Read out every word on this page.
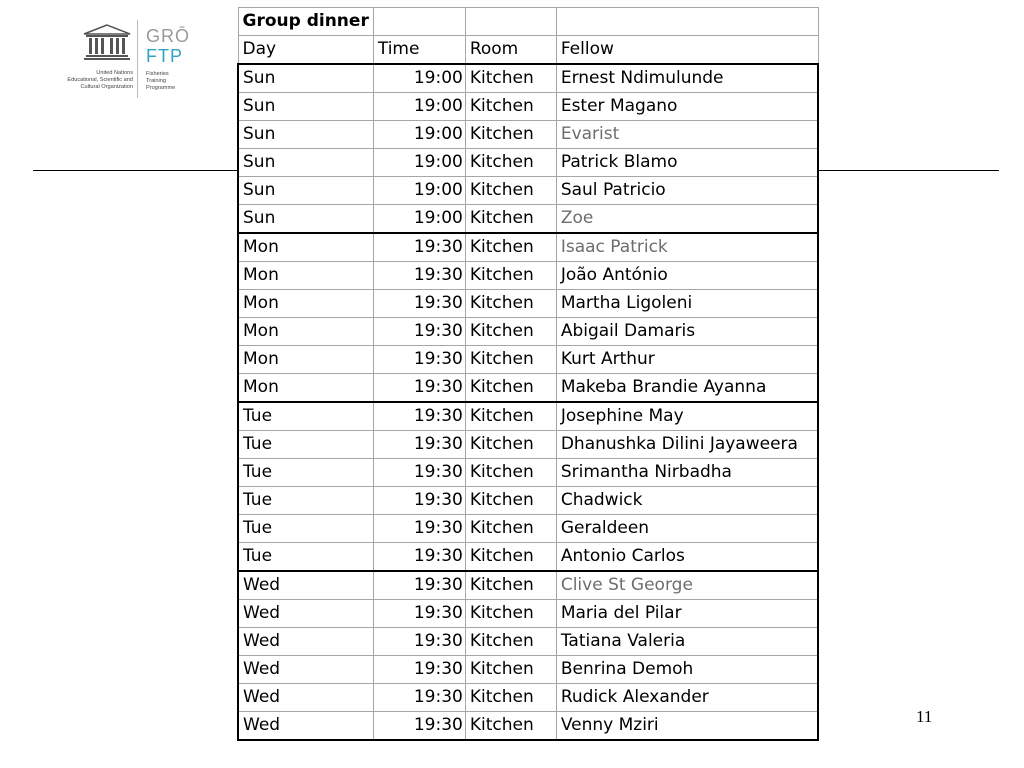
United Nations
Educational, Scientific and
Cultural Organization
GRŌ
FTP
Fisheries
Training
Programme
Group dinner			
Day	Time	Room	Fellow
Sun	19:00	Kitchen	Ernest Ndimulunde
Sun	19:00	Kitchen	Ester Magano
Sun	19:00	Kitchen	Evarist
Sun	19:00	Kitchen	Patrick Blamo
Sun	19:00	Kitchen	Saul Patricio
Sun	19:00	Kitchen	Zoe
Mon	19:30	Kitchen	Isaac Patrick
Mon	19:30	Kitchen	João António
Mon	19:30	Kitchen	Martha Ligoleni
Mon	19:30	Kitchen	Abigail Damaris
Mon	19:30	Kitchen	Kurt Arthur
Mon	19:30	Kitchen	Makeba Brandie Ayanna
Tue	19:30	Kitchen	Josephine May
Tue	19:30	Kitchen	Dhanushka Dilini Jayaweera
Tue	19:30	Kitchen	Srimantha Nirbadha
Tue	19:30	Kitchen	Chadwick
Tue	19:30	Kitchen	Geraldeen
Tue	19:30	Kitchen	Antonio Carlos
Wed	19:30	Kitchen	Clive St George
Wed	19:30	Kitchen	Maria del Pilar
Wed	19:30	Kitchen	Tatiana Valeria
Wed	19:30	Kitchen	Benrina Demoh
Wed	19:30	Kitchen	Rudick Alexander
Wed	19:30	Kitchen	Venny Mziri	11
